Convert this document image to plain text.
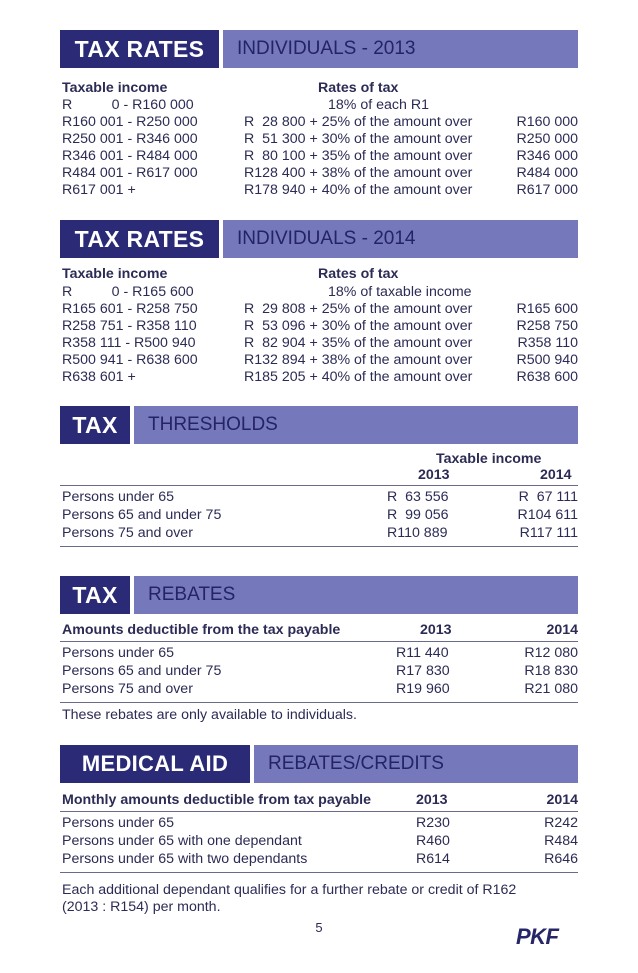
TAX RATES	INDIVIDUALS - 2013
Taxable income	Rates of tax
R          0 - R160 000	18% of each R1
R160 001 - R250 000	R  28 800 + 25% of the amount over	R160 000
R250 001 - R346 000	R  51 300 + 30% of the amount over	R250 000
R346 001 - R484 000	R  80 100 + 35% of the amount over	R346 000
R484 001 - R617 000	R128 400 + 38% of the amount over	R484 000
R617 001 +	R178 940 + 40% of the amount over	R617 000
TAX RATES	INDIVIDUALS - 2014
Taxable income	Rates of tax
R          0 - R165 600	18% of taxable income
R165 601 - R258 750	R  29 808 + 25% of the amount over	R165 600
R258 751 - R358 110	R  53 096 + 30% of the amount over	R258 750
R358 111 - R500 940	R  82 904 + 35% of the amount over	R358 110
R500 941 - R638 600	R132 894 + 38% of the amount over	R500 940
R638 601 +	R185 205 + 40% of the amount over	R638 600
TAX	THRESHOLDS
Taxable income
2013	2014
Persons under 65	R  63 556	R  67 111
Persons 65 and under 75	R  99 056	R104 611
Persons 75 and over	R110 889	R117 111
TAX	REBATES
Amounts deductible from the tax payable	2013	2014
Persons under 65	R11 440	R12 080
Persons 65 and under 75	R17 830	R18 830
Persons 75 and over	R19 960	R21 080
These rebates are only available to individuals.
MEDICAL AID	REBATES/CREDITS
Monthly amounts deductible from tax payable	2013	2014
Persons under 65	R230	R242
Persons under 65 with one dependant	R460	R484
Persons under 65 with two dependants	R614	R646
Each additional dependant qualifies for a further rebate or credit of R162
(2013 : R154) per month.
5	PKF
